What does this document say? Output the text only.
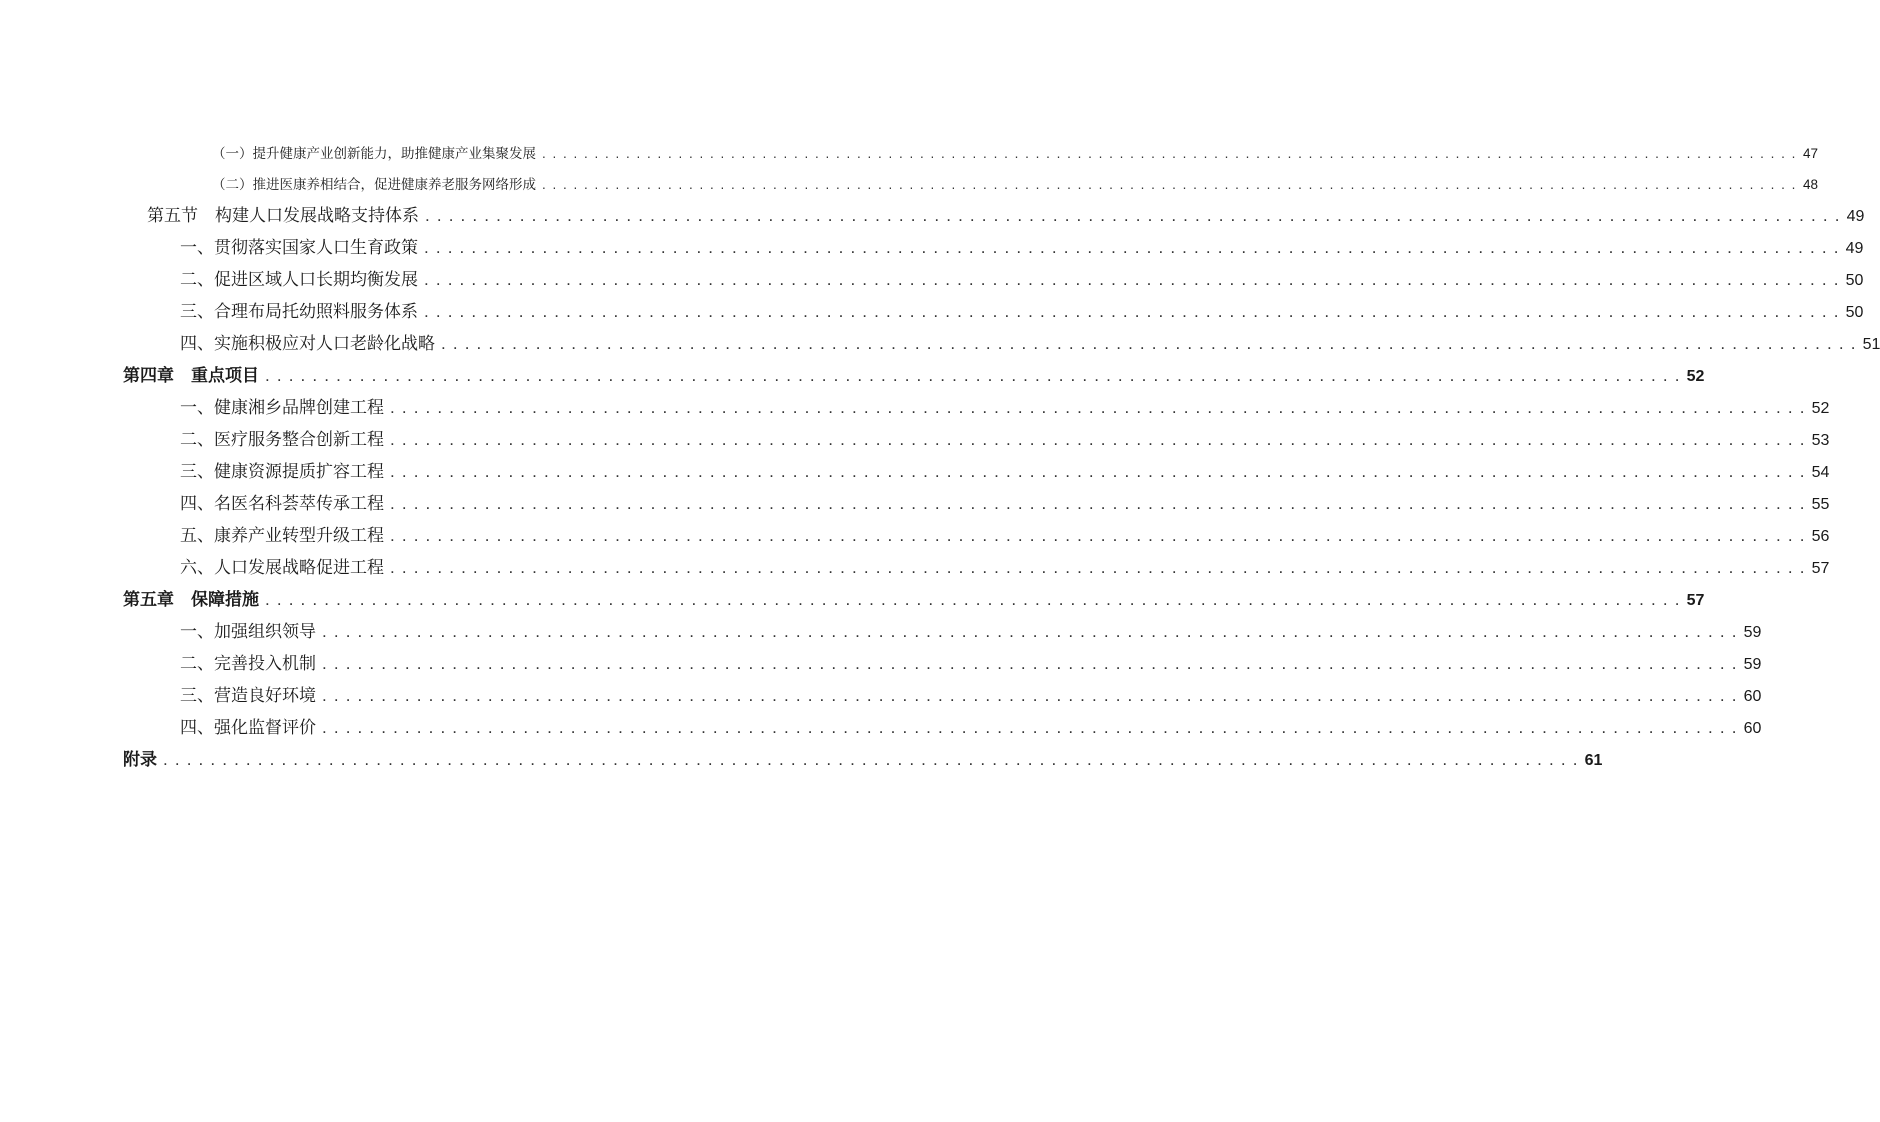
（一）提升健康产业创新能力，助推健康产业集聚发展 . . . . . . . . . . . . . . . . . . . . . . . . . . . . . . . . . . . . . . . . . . . . . . . . . . . . . . . . . . . . . . . . . . . . . . . . . . . . . . . . . . . . . . . . . . . . . . . . . . . . . . . . . . . . . . . . . . . . . . . . 47
（二）推进医康养相结合，促进健康养老服务网络形成 . . . . . . . . . . . . . . . . . . . . . . . . . . . . . . . . . . . . . . . . . . . . . . . . . . . . . . . . . . . . . . . . . . . . . . . . . . . . . . . . . . . . . . . . . . . . . . . . . . . . . . . . . . . . . . . . . . . . . . . . 48
第五节　构建人口发展战略支持体系 . . . . . . . . . . . . . . . . . . . . . . . . . . . . . . . . . . . . . . . . . . . . . . . . . . . . . . . . . . . . . . . . . . . . . . . . . . . . . . . . . . . . . . . . . . . . . . . . . . . . . . . . . . . . . . . . . . . . . . . . 49
一、贯彻落实国家人口生育政策 . . . . . . . . . . . . . . . . . . . . . . . . . . . . . . . . . . . . . . . . . . . . . . . . . . . . . . . . . . . . . . . . . . . . . . . . . . . . . . . . . . . . . . . . . . . . . . . . . . . . . . . . . . . . . . . . . . . . . . . . 49
二、促进区域人口长期均衡发展 . . . . . . . . . . . . . . . . . . . . . . . . . . . . . . . . . . . . . . . . . . . . . . . . . . . . . . . . . . . . . . . . . . . . . . . . . . . . . . . . . . . . . . . . . . . . . . . . . . . . . . . . . . . . . . . . . . . . . . . . 50
三、合理布局托幼照料服务体系 . . . . . . . . . . . . . . . . . . . . . . . . . . . . . . . . . . . . . . . . . . . . . . . . . . . . . . . . . . . . . . . . . . . . . . . . . . . . . . . . . . . . . . . . . . . . . . . . . . . . . . . . . . . . . . . . . . . . . . . . 50
四、实施积极应对人口老龄化战略 . . . . . . . . . . . . . . . . . . . . . . . . . . . . . . . . . . . . . . . . . . . . . . . . . . . . . . . . . . . . . . . . . . . . . . . . . . . . . . . . . . . . . . . . . . . . . . . . . . . . . . . . . . . . . . . . . . . . . . . . 51
第四章　重点项目 . . . . . . . . . . . . . . . . . . . . . . . . . . . . . . . . . . . . . . . . . . . . . . . . . . . . . . . . . . . . . . . . . . . . . . . . . . . . . . . . . . . . . . . . . . . . . . . . . . . . . . . . . . . . . . . . . . . . . . . . 52
一、健康湘乡品牌创建工程 . . . . . . . . . . . . . . . . . . . . . . . . . . . . . . . . . . . . . . . . . . . . . . . . . . . . . . . . . . . . . . . . . . . . . . . . . . . . . . . . . . . . . . . . . . . . . . . . . . . . . . . . . . . . . . . . . . . . . . . . 52
二、医疗服务整合创新工程 . . . . . . . . . . . . . . . . . . . . . . . . . . . . . . . . . . . . . . . . . . . . . . . . . . . . . . . . . . . . . . . . . . . . . . . . . . . . . . . . . . . . . . . . . . . . . . . . . . . . . . . . . . . . . . . . . . . . . . . . 53
三、健康资源提质扩容工程 . . . . . . . . . . . . . . . . . . . . . . . . . . . . . . . . . . . . . . . . . . . . . . . . . . . . . . . . . . . . . . . . . . . . . . . . . . . . . . . . . . . . . . . . . . . . . . . . . . . . . . . . . . . . . . . . . . . . . . . . 54
四、名医名科荟萃传承工程 . . . . . . . . . . . . . . . . . . . . . . . . . . . . . . . . . . . . . . . . . . . . . . . . . . . . . . . . . . . . . . . . . . . . . . . . . . . . . . . . . . . . . . . . . . . . . . . . . . . . . . . . . . . . . . . . . . . . . . . . 55
五、康养产业转型升级工程 . . . . . . . . . . . . . . . . . . . . . . . . . . . . . . . . . . . . . . . . . . . . . . . . . . . . . . . . . . . . . . . . . . . . . . . . . . . . . . . . . . . . . . . . . . . . . . . . . . . . . . . . . . . . . . . . . . . . . . . . 56
六、人口发展战略促进工程 . . . . . . . . . . . . . . . . . . . . . . . . . . . . . . . . . . . . . . . . . . . . . . . . . . . . . . . . . . . . . . . . . . . . . . . . . . . . . . . . . . . . . . . . . . . . . . . . . . . . . . . . . . . . . . . . . . . . . . . . 57
第五章　保障措施 . . . . . . . . . . . . . . . . . . . . . . . . . . . . . . . . . . . . . . . . . . . . . . . . . . . . . . . . . . . . . . . . . . . . . . . . . . . . . . . . . . . . . . . . . . . . . . . . . . . . . . . . . . . . . . . . . . . . . . . . 57
一、加强组织领导 . . . . . . . . . . . . . . . . . . . . . . . . . . . . . . . . . . . . . . . . . . . . . . . . . . . . . . . . . . . . . . . . . . . . . . . . . . . . . . . . . . . . . . . . . . . . . . . . . . . . . . . . . . . . . . . . . . . . . . . . 59
二、完善投入机制 . . . . . . . . . . . . . . . . . . . . . . . . . . . . . . . . . . . . . . . . . . . . . . . . . . . . . . . . . . . . . . . . . . . . . . . . . . . . . . . . . . . . . . . . . . . . . . . . . . . . . . . . . . . . . . . . . . . . . . . . 59
三、营造良好环境 . . . . . . . . . . . . . . . . . . . . . . . . . . . . . . . . . . . . . . . . . . . . . . . . . . . . . . . . . . . . . . . . . . . . . . . . . . . . . . . . . . . . . . . . . . . . . . . . . . . . . . . . . . . . . . . . . . . . . . . . 60
四、强化监督评价 . . . . . . . . . . . . . . . . . . . . . . . . . . . . . . . . . . . . . . . . . . . . . . . . . . . . . . . . . . . . . . . . . . . . . . . . . . . . . . . . . . . . . . . . . . . . . . . . . . . . . . . . . . . . . . . . . . . . . . . . 60
附录 . . . . . . . . . . . . . . . . . . . . . . . . . . . . . . . . . . . . . . . . . . . . . . . . . . . . . . . . . . . . . . . . . . . . . . . . . . . . . . . . . . . . . . . . . . . . . . . . . . . . . . . . . . . . . . . . . . . . . . . . 61
